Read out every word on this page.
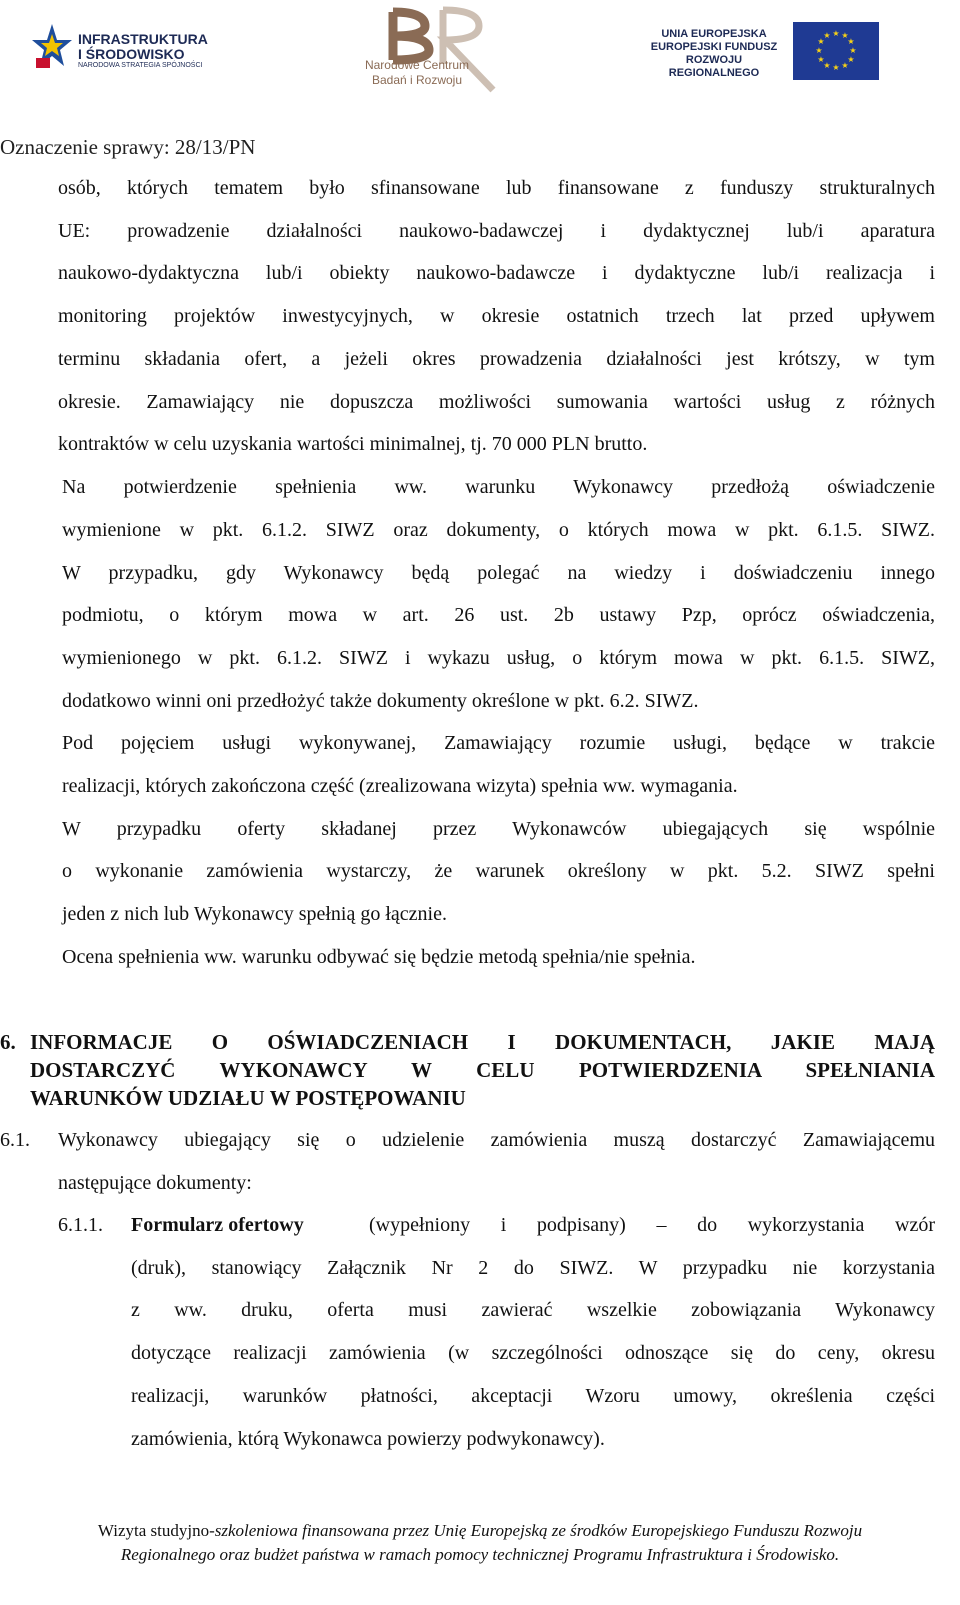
INFRASTRUKTURA
I ŚRODOWISKO
NARODOWA STRATEGIA SPÓJNOŚCI	Narodowe Centrum
Badań i Rozwoju
UNIA EUROPEJSKA
EUROPEJSKI FUNDUSZ
ROZWOJU REGIONALNEGO
★ ★
★
★
★
★
★
★
★
★
★
★
Oznaczenie sprawy: 28/13/PN
osób, których tematem było sfinansowane lub finansowane z funduszy strukturalnych
UE: prowadzenie działalności naukowo-badawczej i dydaktycznej lub/i aparatura
naukowo-dydaktyczna lub/i obiekty naukowo-badawcze i dydaktyczne lub/i realizacja i
monitoring projektów inwestycyjnych, w okresie ostatnich trzech lat przed upływem
terminu składania ofert, a jeżeli okres prowadzenia działalności jest krótszy, w tym
okresie. Zamawiający nie dopuszcza możliwości sumowania wartości usług z różnych
kontraktów w celu uzyskania wartości minimalnej, tj. 70 000 PLN brutto.
Na potwierdzenie spełnienia ww. warunku Wykonawcy przedłożą oświadczenie
wymienione w pkt. 6.1.2. SIWZ oraz dokumenty, o których mowa w pkt. 6.1.5. SIWZ.
W przypadku, gdy Wykonawcy będą polegać na wiedzy i doświadczeniu innego
podmiotu, o którym mowa w art. 26 ust. 2b ustawy Pzp, oprócz oświadczenia,
wymienionego w pkt. 6.1.2. SIWZ i wykazu usług, o którym mowa w pkt. 6.1.5. SIWZ,
dodatkowo winni oni przedłożyć także dokumenty określone w pkt. 6.2. SIWZ.
Pod pojęciem usługi wykonywanej, Zamawiający rozumie usługi, będące w trakcie
realizacji, których zakończona część (zrealizowana wizyta) spełnia ww. wymagania.
W przypadku oferty składanej przez Wykonawców ubiegających się wspólnie
o wykonanie zamówienia wystarczy, że warunek określony w pkt. 5.2. SIWZ spełni
jeden z nich lub Wykonawcy spełnią go łącznie.
Ocena spełnienia ww. warunku odbywać się będzie metodą spełnia/nie spełnia.
6. INFORMACJE O OŚWIADCZENIACH I DOKUMENTACH, JAKIE MAJĄ
DOSTARCZYĆ WYKONAWCY W CELU POTWIERDZENIA SPEŁNIANIA
WARUNKÓW UDZIAŁU W POSTĘPOWANIU
6.1. Wykonawcy ubiegający się o udzielenie zamówienia muszą dostarczyć Zamawiającemu
następujące dokumenty:
6.1.1. Formularz ofertowy	(wypełniony i podpisany) – do wykorzystania wzór
(druk), stanowiący Załącznik Nr 2 do SIWZ. W przypadku nie korzystania
z ww. druku, oferta musi zawierać wszelkie zobowiązania Wykonawcy
dotyczące realizacji zamówienia (w szczególności odnoszące się do ceny, okresu
realizacji, warunków płatności, akceptacji Wzoru umowy, określenia części
zamówienia, którą Wykonawca powierzy podwykonawcy).
Wizyta studyjno-szkoleniowa finansowana przez Unię Europejską ze środków Europejskiego Funduszu Rozwoju
Regionalnego oraz budżet państwa w ramach pomocy technicznej Programu Infrastruktura i Środowisko.
